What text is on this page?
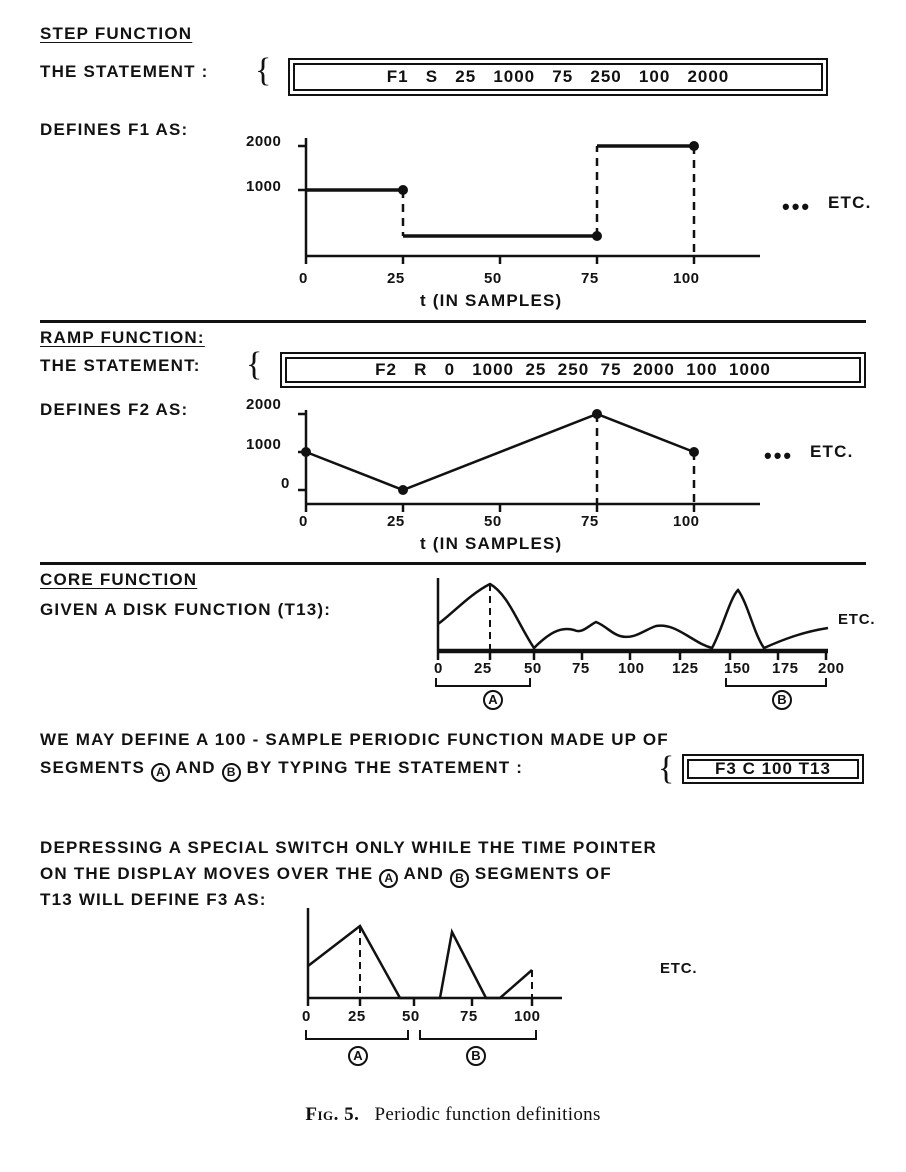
STEP FUNCTION
THE STATEMENT : {	F1   S   25   1000   75   250   100   2000
DEFINES F1 AS:
2000
1000
0	25	50	75	100
••• ETC.
t (IN SAMPLES)
RAMP FUNCTION:
THE STATEMENT: {	F2   R   0   1000  25  250  75  2000  100  1000
DEFINES F2 AS:	2000
1000
0
0	25	50	75	100
••• ETC.
t (IN SAMPLES)
CORE FUNCTION
GIVEN A DISK FUNCTION (T13):
ETC.
0 25 50 75 100 125 150 175 200
A	B
WE MAY DEFINE A 100 - SAMPLE PERIODIC FUNCTION MADE UP OF
SEGMENTS A AND B BY TYPING THE STATEMENT :	{ F3 C 100 T13
DEPRESSING A SPECIAL SWITCH ONLY WHILE THE TIME POINTER
ON THE DISPLAY MOVES OVER THE A AND B SEGMENTS OF
T13 WILL DEFINE F3 AS:
0 25 50	75 100
ETC.
A	B
Fig. 5. Periodic function definitions
